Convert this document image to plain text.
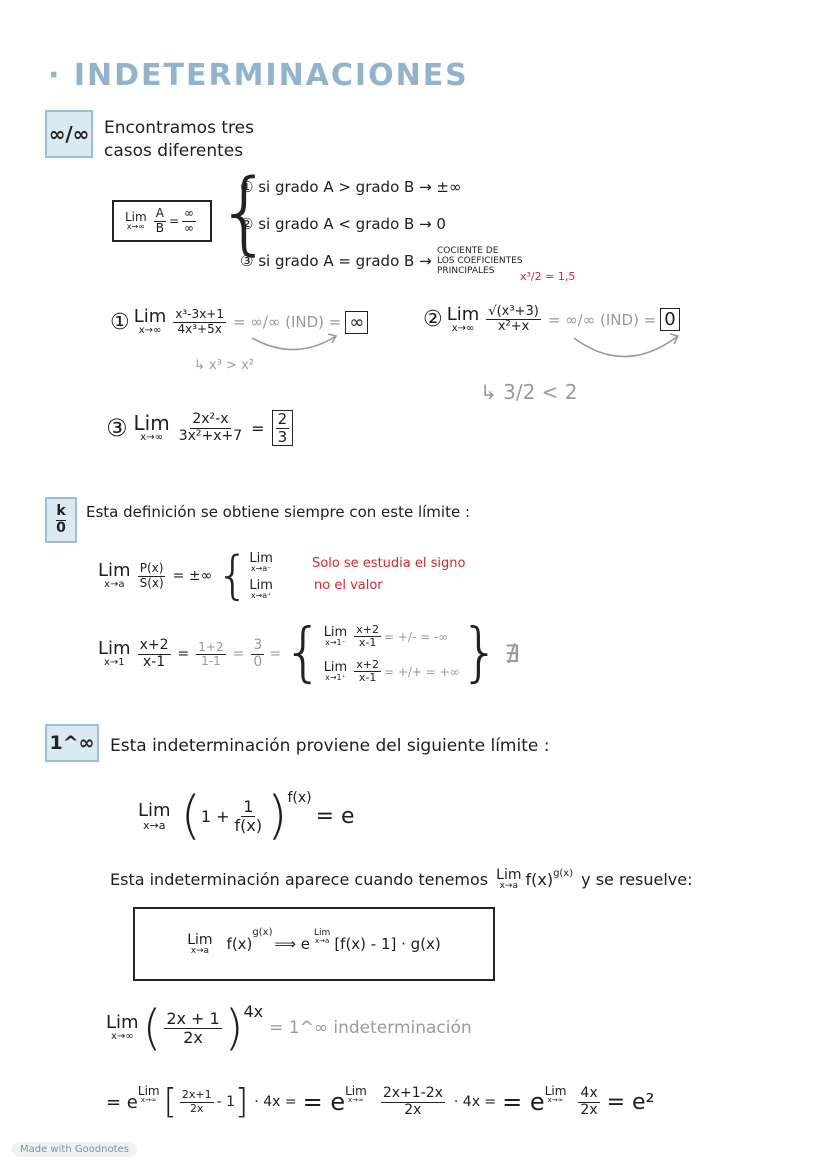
· INDETERMINACIONES
∞/∞ Encontramos tres
casos diferentes
Lim
$x\to\infty \frac{A}{B} = \frac{\infty}{\infty}$ {
① si grado A > grado B → ±∞
② si grado A < grado B → 0
③ si grado A = grado B →
COCIENTE DE
LOS COEFICIENTES
PRINCIPALES
① Lim
$x\to\infty \frac{\text{x³-3x+1}}{\text{4x³+5x}}$ = ∞/∞ (IND) = ∞
↳ x³ > x²
x³/2 ≃ 1,5
② Lim
$x\to\infty \frac{\text{√(x³+3)}}{\text{x²+x}}$ = ∞/∞ (IND) = 0
↳ 3/2 < 2
③ Lim
$x\to\infty \frac{\text{2x²-x}}{\text{3x²+x+7}} = \frac{2}{3}$
$\frac{k}{0}$ Esta definición se obtiene siempre con este límite :
Lim
$x\to a \frac{P(x)}{S(x)}$ = ±∞ { Lim
x→a⁻
Lim
x→a⁺
Solo se estudia el signo
no el valor
Lim
$x\to 1 \frac{x+2}{x-1} = \frac{1+2}{1-1} = \frac{3}{0}$ = { Lim
$x\to 1^- \frac{x+2}{x-1}$ = +/- = -∞
Lim
$x\to 1^+ \frac{x+2}{x-1}$ = +/+ = +∞ } ∄
1^∞ Esta indeterminación proviene del siguiente límite :
Lim
x→a ( $1 + \frac{1}{f(x)}$ ) f(x)
= e
Esta indeterminación aparece cuando tenemos Lim
x→a f(x) g(x) y se resuelve:
Lim
x→a f(x)
g(x)
⟹ e
Lim
x→a [f(x) - 1] · g(x)
Lim
x→∞ ( $\frac{2x + 1}{2x}$ ) 4x
= 1^∞ indeterminación
= e
Lim
x→∞ [ $\frac{2x+1}{2x} - 1$ ] · 4x = = e Lim
$x\to\infty \frac{2x+1-2x}{2x} \cdot 4x$ = = e Lim
$x\to\infty \frac{4x}{2x} = e^2$
Made with Goodnotes
